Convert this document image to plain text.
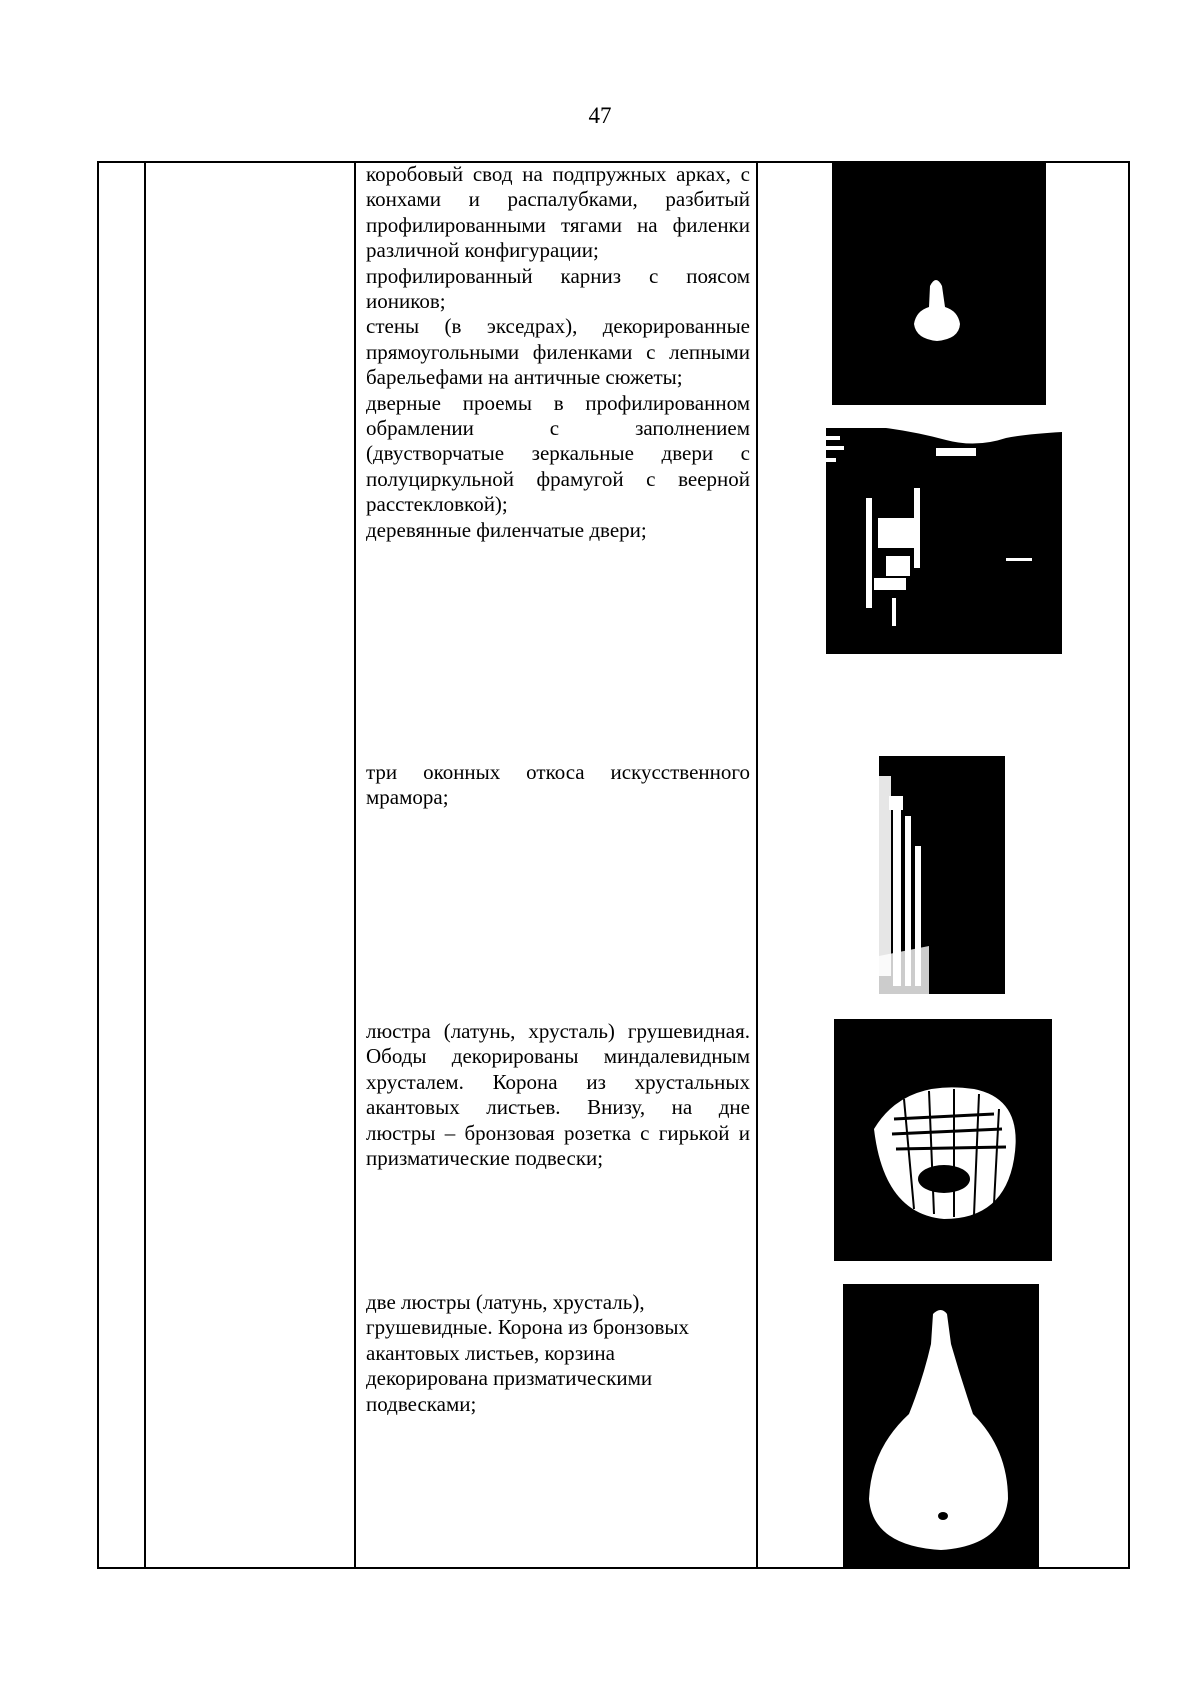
47
коробовый свод на подпружных арках, с
конхами и распалубками, разбитый
профилированными тягами на филенки
различной конфигурации;
профилированный карниз с поясом
иоников;
стены (в экседрах), декорированные
прямоугольными филенками с лепными
барельефами на античные сюжеты;
дверные проемы в профилированном
обрамлении с заполнением
(двустворчатые зеркальные двери с
полуциркульной фрамугой с веерной
расстекловкой);
деревянные филенчатые двери;
три оконных откоса искусственного
мрамора;
люстра (латунь, хрусталь) грушевидная.
Ободы декорированы миндалевидным
хрусталем. Корона из хрустальных
акантовых листьев. Внизу, на дне
люстры – бронзовая розетка с гирькой и
призматические подвески;
две люстры (латунь, хрусталь),
грушевидные. Корона из бронзовых
акантовых листьев, корзина
декорирована призматическими
подвесками;
